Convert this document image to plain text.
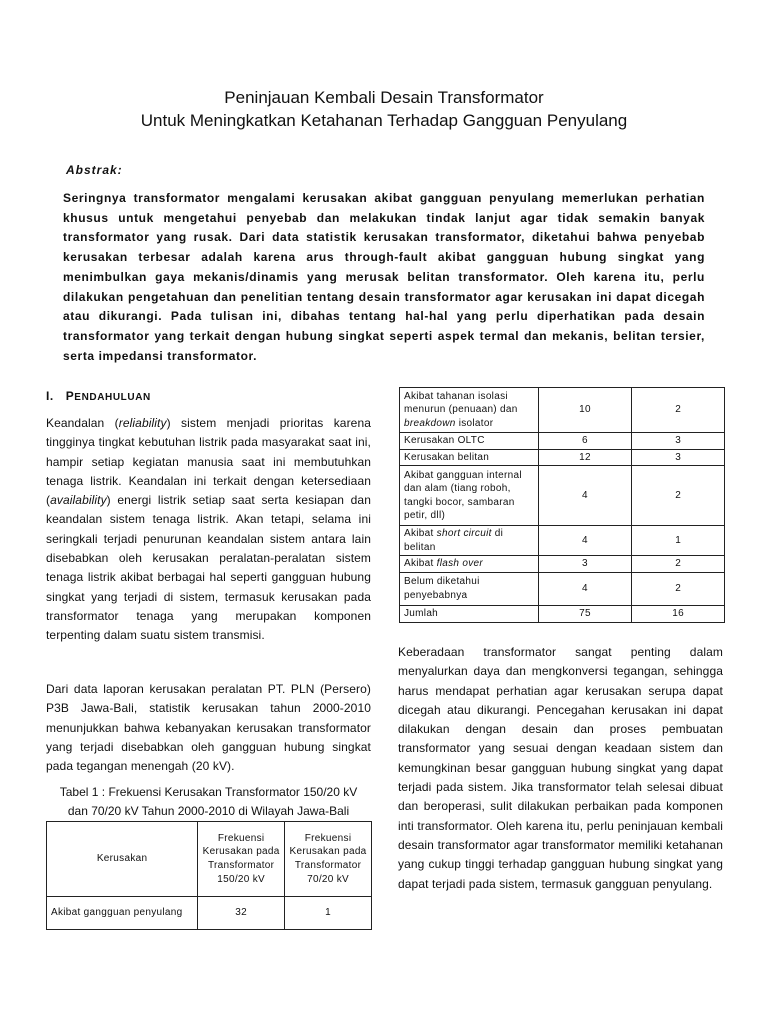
Peninjauan Kembali Desain Transformator
Untuk Meningkatkan Ketahanan Terhadap Gangguan Penyulang
Abstrak:
Seringnya transformator mengalami kerusakan akibat gangguan penyulang memerlukan perhatian khusus untuk mengetahui penyebab dan melakukan tindak lanjut agar tidak semakin banyak transformator yang rusak. Dari data statistik kerusakan transformator, diketahui bahwa penyebab kerusakan terbesar adalah karena arus through-fault akibat gangguan hubung singkat yang menimbulkan gaya mekanis/dinamis yang merusak belitan transformator. Oleh karena itu, perlu dilakukan pengetahuan dan penelitian tentang desain transformator agar kerusakan ini dapat dicegah atau dikurangi. Pada tulisan ini, dibahas tentang hal-hal yang perlu diperhatikan pada desain transformator yang terkait dengan hubung singkat seperti aspek termal dan mekanis, belitan tersier, serta impedansi transformator.
I. PENDAHULUAN

Keandalan (reliability) sistem menjadi prioritas karena tingginya tingkat kebutuhan listrik pada masyarakat saat ini, hampir setiap kegiatan manusia saat ini membutuhkan tenaga listrik. Keandalan ini terkait dengan ketersediaan (availability) energi listrik setiap saat serta kesiapan dan keandalan sistem tenaga listrik. Akan tetapi, selama ini seringkali terjadi penurunan keandalan sistem antara lain disebabkan oleh kerusakan peralatan-peralatan sistem tenaga listrik akibat berbagai hal seperti gangguan hubung singkat yang terjadi di sistem, termasuk kerusakan pada transformator tenaga yang merupakan komponen terpenting dalam suatu sistem transmisi.

Dari data laporan kerusakan peralatan PT. PLN (Persero) P3B Jawa-Bali, statistik kerusakan tahun 2000-2010 menunjukkan bahwa kebanyakan kerusakan transformator yang terjadi disebabkan oleh gangguan hubung singkat pada tegangan menengah (20 kV).

Tabel 1 : Frekuensi Kerusakan Transformator 150/20 kV
dan 70/20 kV Tahun 2000-2010 di Wilayah Jawa-Bali
Kerusakan	Frekuensi Kerusakan pada Transformator 150/20 kV	Frekuensi Kerusakan pada Transformator 70/20 kV
Akibat gangguan penyulang	32	1
Akibat tahanan isolasi menurun (penuaan) dan breakdown isolator	10	2
Kerusakan OLTC	6	3
Kerusakan belitan	12	3
Akibat gangguan internal dan alam (tiang roboh, tangki bocor, sambaran petir, dll)	4	2
Akibat short circuit di belitan	4	1
Akibat flash over	3	2
Belum diketahui penyebabnya	4	2
Jumlah	75	16

Keberadaan transformator sangat penting dalam menyalurkan daya dan mengkonversi tegangan, sehingga harus mendapat perhatian agar kerusakan serupa dapat dicegah atau dikurangi. Pencegahan kerusakan ini dapat dilakukan dengan desain dan proses pembuatan transformator yang sesuai dengan keadaan sistem dan kemungkinan besar gangguan hubung singkat yang dapat terjadi pada sistem. Jika transformator telah selesai dibuat dan beroperasi, sulit dilakukan perbaikan pada komponen inti transformator. Oleh karena itu, perlu peninjauan kembali desain transformator agar transformator memiliki ketahanan yang cukup tinggi terhadap gangguan hubung singkat yang dapat terjadi pada sistem, termasuk gangguan penyulang.
